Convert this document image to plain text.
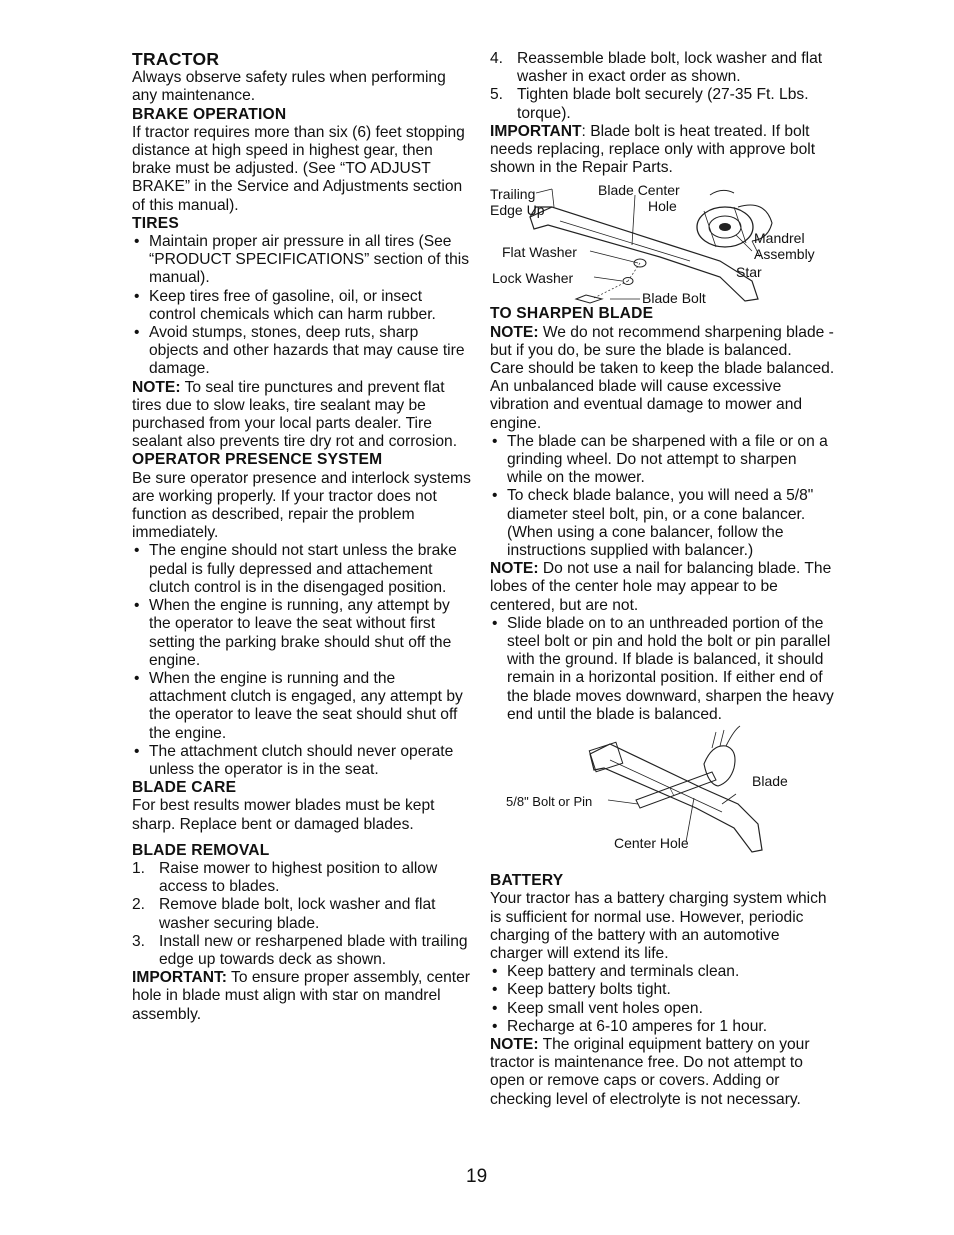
TRACTOR

Always observe safety rules when performing any maintenance.

BRAKE OPERATION

If tractor requires more than six (6) feet stopping distance at high speed in highest gear, then brake must be adjusted. (See “TO ADJUST BRAKE” in the Service and Adjustments section of this manual).

TIRES
• Maintain proper air pressure in all tires (See “PRODUCT SPECIFICATIONS” section of this manual).
• Keep tires free of gasoline, oil, or insect control chemicals which can harm rubber.
• Avoid stumps, stones, deep ruts, sharp objects and other hazards that may cause tire damage.

NOTE: To seal tire punctures and prevent flat tires due to slow leaks, tire sealant may be purchased from your local parts dealer. Tire sealant also prevents tire dry rot and corrosion.

OPERATOR PRESENCE SYSTEM

Be sure operator presence and interlock systems are working properly. If your tractor does not function as described, repair the problem immediately.

• The engine should not start unless the brake pedal is fully depressed and attachement clutch control is in the disengaged position.
• When the engine is running, any attempt by the operator to leave the seat without first setting the parking brake should shut off the engine.
• When the engine is running and the attachment clutch is engaged, any attempt by the operator to leave the seat should shut off the engine.
• The attachment clutch should never operate unless the operator is in the seat.
BLADE CARE

For best results mower blades must be kept sharp. Replace bent or damaged blades.

BLADE REMOVAL
1. Raise mower to highest position to allow access to blades.
2. Remove blade bolt, lock washer and flat washer securing blade.
3. Install new or resharpened blade with trailing edge up towards deck as shown.

IMPORTANT: To ensure proper assembly, center hole in blade must align with star on mandrel assembly.

4. Reassemble blade bolt, lock washer and flat washer in exact order as shown.
5. Tighten blade bolt securely (27-35 Ft. Lbs. torque).

IMPORTANT: Blade bolt is heat treated. If bolt needs replacing, replace only with approve bolt shown in the Repair Parts.

Trailing
Edge Up
Blade Center
Hole
Mandrel
Assembly
Flat Washer
Star
Lock Washer
Blade Bolt
TO SHARPEN BLADE

NOTE: We do not recommend sharpening blade - but if you do, be sure the blade is balanced.

Care should be taken to keep the blade balanced. An unbalanced blade will cause excessive vibration and eventual damage to mower and engine.

• The blade can be sharpened with a file or on a grinding wheel. Do not attempt to sharpen while on the mower.
• To check blade balance, you will need a 5/8" diameter steel bolt, pin, or a cone balancer. (When using a cone balancer, follow the instructions supplied with balancer.)

NOTE: Do not use a nail for balancing blade. The lobes of the center hole may appear to be centered, but are not.

• Slide blade on to an unthreaded portion of the steel bolt or pin and hold the bolt or pin parallel with the ground. If blade is balanced, it should remain in a horizontal position. If either end of the blade moves downward, sharpen the heavy end until the blade is balanced.
Blade
5/8" Bolt or Pin
Center Hole
BATTERY

Your tractor has a battery charging system which is sufficient for normal use. However, periodic charging of the battery with an automotive charger will extend its life.

• Keep battery and terminals clean.
• Keep battery bolts tight.
• Keep small vent holes open.
• Recharge at 6-10 amperes for 1 hour.

NOTE: The original equipment battery on your tractor is maintenance free. Do not attempt to open or remove caps or covers. Adding or checking level of electrolyte is not necessary.

19
